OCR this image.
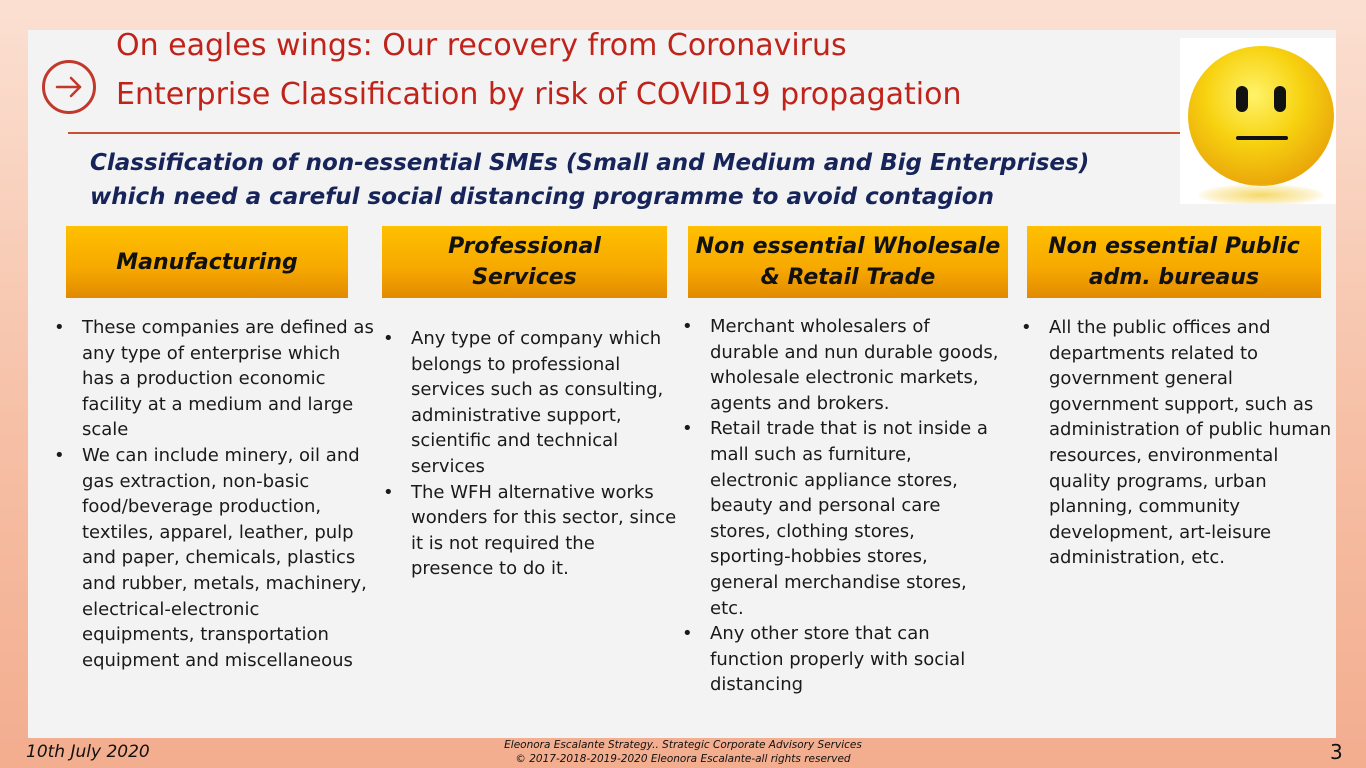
On eagles wings: Our recovery from Coronavirus
Enterprise Classification by risk of COVID19 propagation
Classification of non-essential SMEs (Small and Medium and Big Enterprises)
which need a careful social distancing programme to avoid contagion
Manufacturing
Professional
Services
Non essential Wholesale
& Retail Trade
Non essential Public
adm. bureaus
• These companies are defined as any type of enterprise which has a production economic facility at a medium and large scale
• We can include minery, oil and gas extraction, non-basic food/beverage production, textiles, apparel, leather, pulp and paper, chemicals, plastics and rubber, metals, machinery, electrical-electronic equipments, transportation equipment and miscellaneous
• Any type of company which belongs to professional services such as consulting, administrative support, scientific and technical services
• The WFH alternative works wonders for this sector, since it is not required the presence to do it.
• Merchant wholesalers of durable and nun durable goods, wholesale electronic markets, agents and brokers.
• Retail trade that is not inside a mall such as furniture, electronic appliance stores, beauty and personal care stores, clothing stores, sporting-hobbies stores, general merchandise stores, etc.
• Any other store that can function properly with social distancing
• All the public offices and departments related to government general government support, such as administration of public human resources, environmental quality programs, urban planning, community development, art-leisure administration, etc.
10th July 2020	Eleonora Escalante Strategy.. Strategic Corporate Advisory Services
© 2017-2018-2019-2020 Eleonora Escalante-all rights reserved	3
